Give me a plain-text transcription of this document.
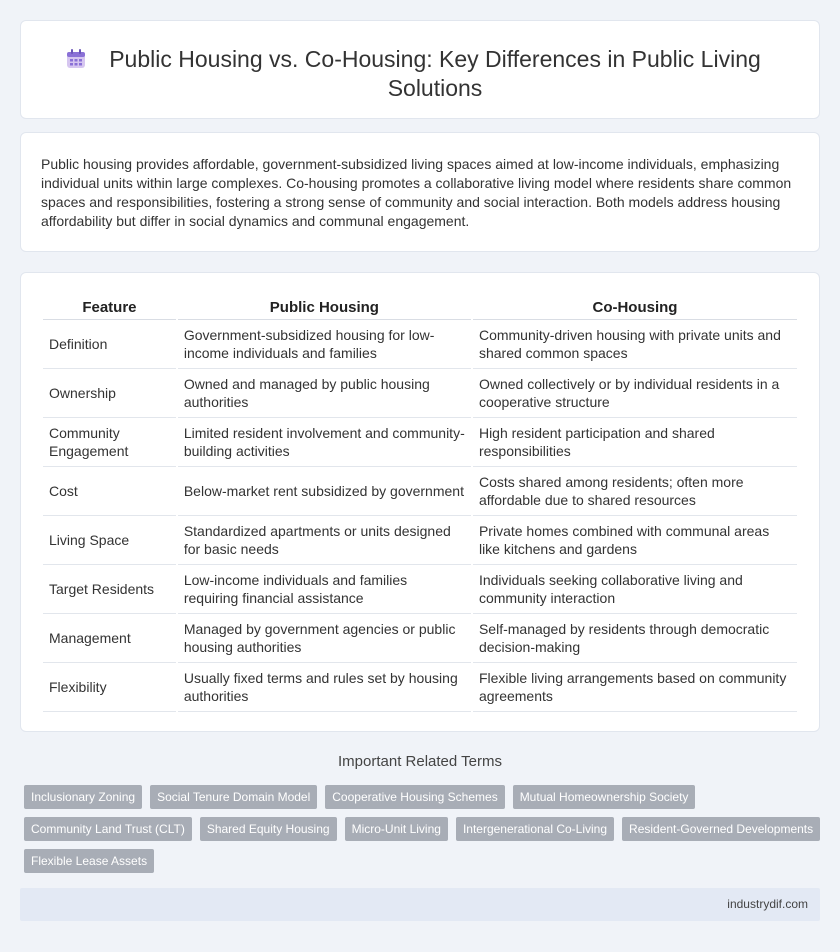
Public Housing vs. Co-Housing: Key Differences in Public Living Solutions

Public housing provides affordable, government-subsidized living spaces aimed at low-income individuals, emphasizing individual units within large complexes. Co-housing promotes a collaborative living model where residents share common spaces and responsibilities, fostering a strong sense of community and social interaction. Both models address housing affordability but differ in social dynamics and communal engagement.

Feature	Public Housing	Co-Housing
Definition	Government-subsidized housing for low-income individuals and families	Community-driven housing with private units and shared common spaces
Ownership	Owned and managed by public housing authorities	Owned collectively or by individual residents in a cooperative structure
Community Engagement	Limited resident involvement and community-building activities	High resident participation and shared responsibilities
Cost	Below-market rent subsidized by government	Costs shared among residents; often more affordable due to shared resources
Living Space	Standardized apartments or units designed for basic needs	Private homes combined with communal areas like kitchens and gardens
Target Residents	Low-income individuals and families requiring financial assistance	Individuals seeking collaborative living and community interaction
Management	Managed by government agencies or public housing authorities	Self-managed by residents through democratic decision-making
Flexibility	Usually fixed terms and rules set by housing authorities	Flexible living arrangements based on community agreements
Important Related Terms
Inclusionary Zoning	Social Tenure Domain Model	Cooperative Housing Schemes	Mutual Homeownership Society
Community Land Trust (CLT)	Shared Equity Housing	Micro-Unit Living	Intergenerational Co-Living	Resident-Governed Developments
Flexible Lease Assets
industrydif.com
